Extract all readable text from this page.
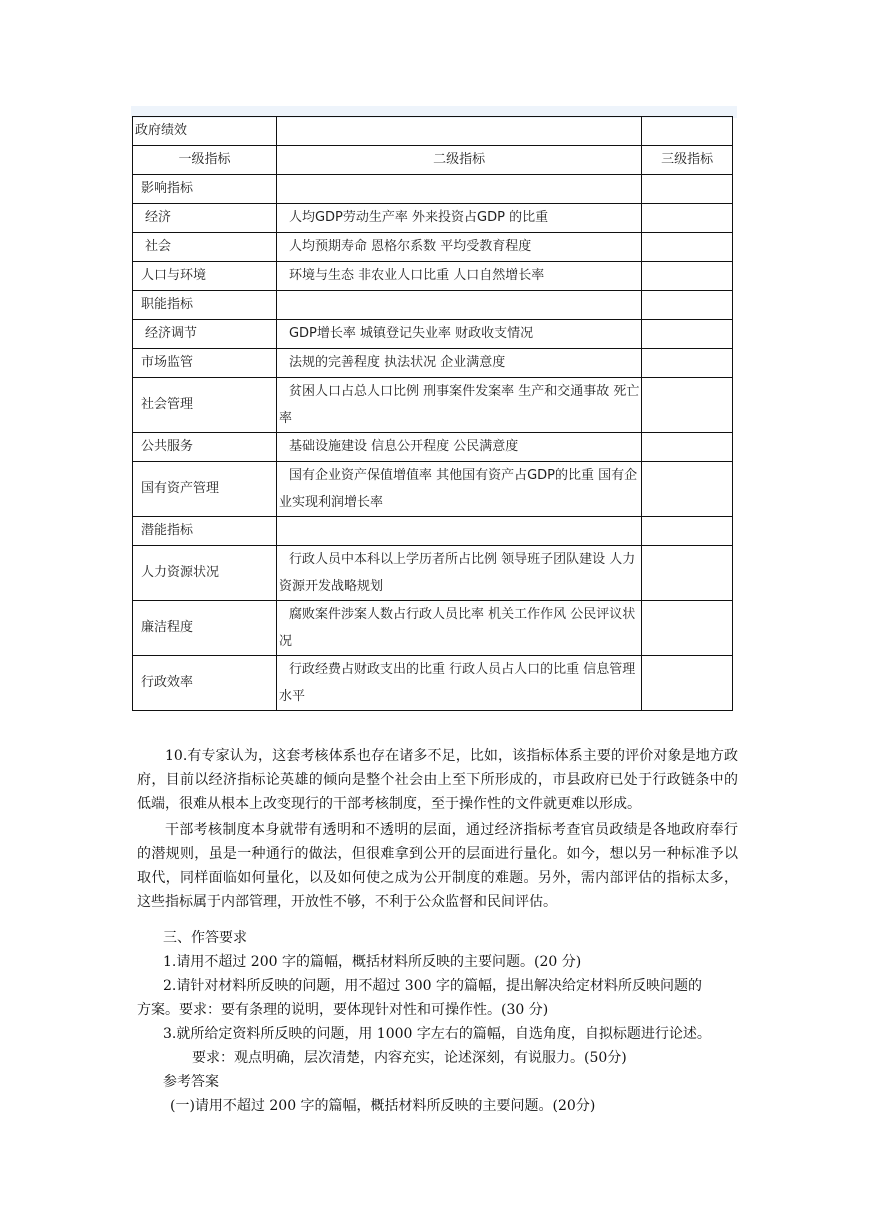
政府绩效		
一级指标	二级指标	三级指标
影响指标		
经济	人均GDP劳动生产率 外来投资占GDP 的比重	
社会	人均预期寿命 恩格尔系数 平均受教育程度	
人口与环境	环境与生态 非农业人口比重 人口自然增长率	
职能指标		
经济调节	GDP增长率 城镇登记失业率 财政收支情况	
市场监管	法规的完善程度 执法状况 企业满意度	
社会管理	贫困人口占总人口比例 刑事案件发案率 生产和交通事故 死亡率	

公共服务	基础设施建设 信息公开程度 公民满意度	
国有资产管理	国有企业资产保值增值率 其他国有资产占GDP的比重 国有企业实现利润增长率	

潜能指标		
人力资源状况	行政人员中本科以上学历者所占比例 领导班子团队建设 人力资源开发战略规划	

廉洁程度	腐败案件涉案人数占行政人员比率 机关工作作风 公民评议状况	

行政效率	行政经费占财政支出的比重 行政人员占人口的比重 信息管理水平	

10.有专家认为，这套考核体系也存在诸多不足，比如，该指标体系主要的评价对象是地方政府，目前以经济指标论英雄的倾向是整个社会由上至下所形成的，市县政府已处于行政链条中的低端，很难从根本上改变现行的干部考核制度，至于操作性的文件就更难以形成。

干部考核制度本身就带有透明和不透明的层面，通过经济指标考查官员政绩是各地政府奉行的潜规则，虽是一种通行的做法，但很难拿到公开的层面进行量化。如今，想以另一种标准予以取代，同样面临如何量化，以及如何使之成为公开制度的难题。另外，需内部评估的指标太多，这些指标属于内部管理，开放性不够，不利于公众监督和民间评估。

三、作答要求
1.请用不超过 200 字的篇幅，概括材料所反映的主要问题。(20 分)
2.请针对材料所反映的问题，用不超过 300 字的篇幅，提出解决给定材料所反映问题的
方案。要求：要有条理的说明，要体现针对性和可操作性。(30 分)
3.就所给定资料所反映的问题，用 1000 字左右的篇幅，自选角度，自拟标题进行论述。
要求：观点明确，层次清楚，内容充实，论述深刻，有说服力。(50分)
参考答案
(一)请用不超过 200 字的篇幅，概括材料所反映的主要问题。(20分)
